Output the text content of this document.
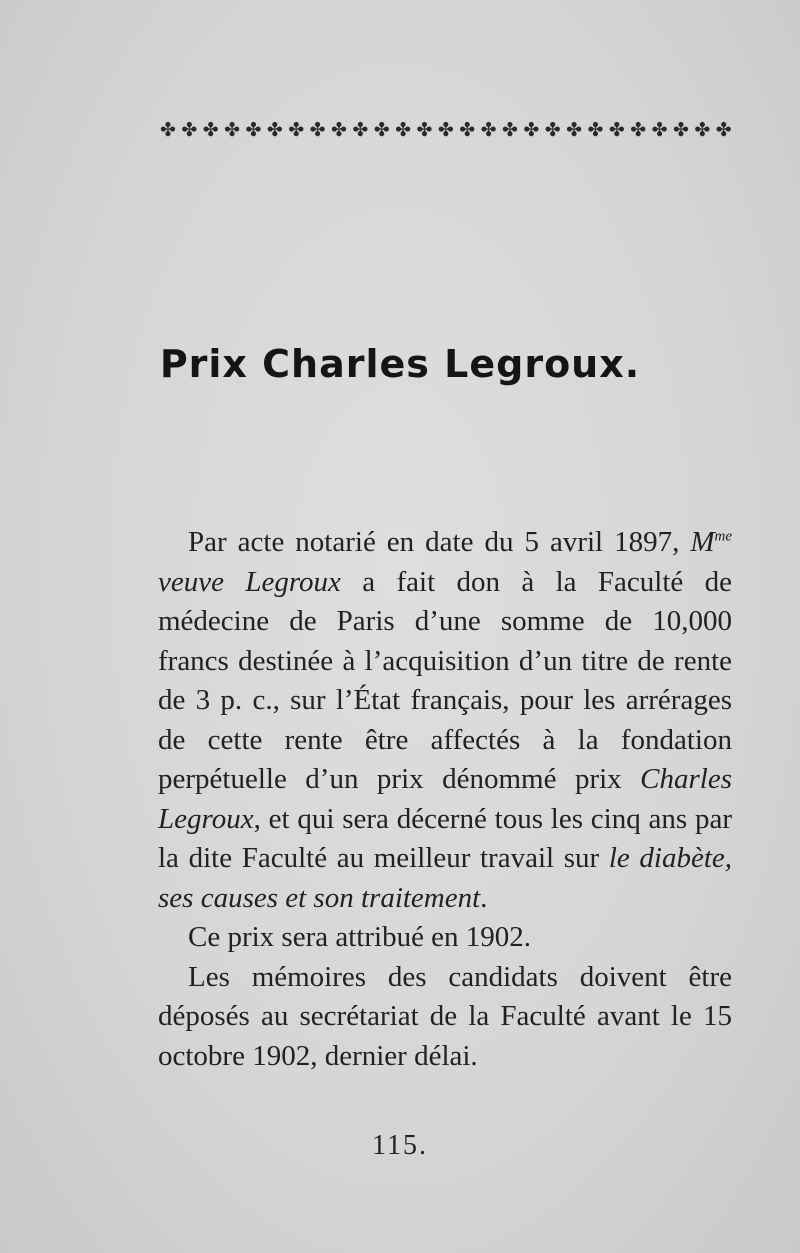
✤ ✤ ✤ ✤ ✤ ✤ ✤ ✤ ✤ ✤ ✤ ✤ ✤ ✤ ✤ ✤ ✤ ✤ ✤ ✤ ✤ ✤ ✤ ✤ ✤ ✤ ✤
Prix Charles Legroux.

Par acte notarié en date du 5 avril 1897, $M^{me}$ veuve Legroux a fait don à la Faculté de médecine de Paris d’une somme de 10,000 francs destinée à l’acquisition d’un titre de rente de 3 p. c., sur l’État français, pour les arrérages de cette rente être affectés à la fondation perpétuelle d’un prix dénommé prix Charles Legroux, et qui sera décerné tous les cinq ans par la dite Faculté au meilleur travail sur le diabète, ses causes et son traitement.

Ce prix sera attribué en 1902.

Les mémoires des candidats doivent être déposés au secrétariat de la Faculté avant le 15 octobre 1902, dernier délai.

115.
